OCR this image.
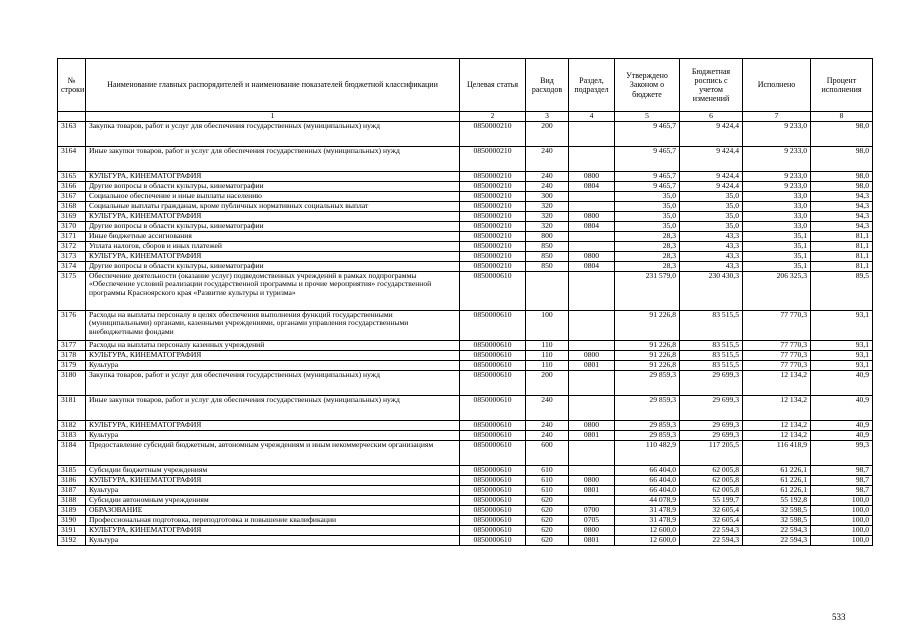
№ строки	Наименование главных распорядителей и наименование показателей бюджетной классификации	Целевая статья	Вид расходов	Раздел, подраздел	Утверждено Законом о бюджете	Бюджетная роспись с учетом изменений	Исполнено	Процент исполнения
	1	2	3	4	5	6	7	8
3163	Закупка товаров, работ и услуг для обеспечения государственных (муниципальных) нужд	0850000210	200		9 465,7	9 424,4	9 233,0	98,0
3164	Иные закупки товаров, работ и услуг для обеспечения государственных (муниципальных) нужд	0850000210	240		9 465,7	9 424,4	9 233,0	98,0
3165	КУЛЬТУРА, КИНЕМАТОГРАФИЯ	0850000210	240	0800	9 465,7	9 424,4	9 233,0	98,0
3166	Другие вопросы в области культуры, кинематографии	0850000210	240	0804	9 465,7	9 424,4	9 233,0	98,0
3167	Социальное обеспечение и иные выплаты населению	0850000210	300		35,0	35,0	33,0	94,3
3168	Социальные выплаты гражданам, кроме публичных нормативных социальных выплат	0850000210	320		35,0	35,0	33,0	94,3
3169	КУЛЬТУРА, КИНЕМАТОГРАФИЯ	0850000210	320	0800	35,0	35,0	33,0	94,3
3170	Другие вопросы в области культуры, кинематографии	0850000210	320	0804	35,0	35,0	33,0	94,3
3171	Иные бюджетные ассигнования	0850000210	800		28,3	43,3	35,1	81,1
3172	Уплата налогов, сборов и иных платежей	0850000210	850		28,3	43,3	35,1	81,1
3173	КУЛЬТУРА, КИНЕМАТОГРАФИЯ	0850000210	850	0800	28,3	43,3	35,1	81,1
3174	Другие вопросы в области культуры, кинематографии	0850000210	850	0804	28,3	43,3	35,1	81,1
3175	Обеспечение деятельности (оказание услуг) подведомственных учреждений в рамках подпрограммы «Обеспечение условий реализации государственной программы и прочие мероприятия» государственной программы Красноярского края «Развитие культуры и туризма»	0850000610			231 579,0	230 430,3	206 325,3	89,5
3176	Расходы на выплаты персоналу в целях обеспечения выполнения функций государственными (муниципальными) органами, казенными учреждениями, органами управления государственными внебюджетными фондами	0850000610	100		91 226,8	83 515,5	77 770,3	93,1
3177	Расходы на выплаты персоналу казенных учреждений	0850000610	110		91 226,8	83 515,5	77 770,3	93,1
3178	КУЛЬТУРА, КИНЕМАТОГРАФИЯ	0850000610	110	0800	91 226,8	83 515,5	77 770,3	93,1
3179	Культура	0850000610	110	0801	91 226,8	83 515,5	77 770,3	93,1
3180	Закупка товаров, работ и услуг для обеспечения государственных (муниципальных) нужд	0850000610	200		29 859,3	29 699,3	12 134,2	40,9
3181	Иные закупки товаров, работ и услуг для обеспечения государственных (муниципальных) нужд	0850000610	240		29 859,3	29 699,3	12 134,2	40,9
3182	КУЛЬТУРА, КИНЕМАТОГРАФИЯ	0850000610	240	0800	29 859,3	29 699,3	12 134,2	40,9
3183	Культура	0850000610	240	0801	29 859,3	29 699,3	12 134,2	40,9
3184	Предоставление субсидий бюджетным, автономным учреждениям и иным некоммерческим организациям	0850000610	600		110 482,9	117 205,5	116 418,9	99,3
3185	Субсидии бюджетным учреждениям	0850000610	610		66 404,0	62 005,8	61 226,1	98,7
3186	КУЛЬТУРА, КИНЕМАТОГРАФИЯ	0850000610	610	0800	66 404,0	62 005,8	61 226,1	98,7
3187	Культура	0850000610	610	0801	66 404,0	62 005,8	61 226,1	98,7
3188	Субсидии автономным учреждениям	0850000610	620		44 078,9	55 199,7	55 192,8	100,0
3189	ОБРАЗОВАНИЕ	0850000610	620	0700	31 478,9	32 605,4	32 598,5	100,0
3190	Профессиональная подготовка, переподготовка и повышение квалификации	0850000610	620	0705	31 478,9	32 605,4	32 598,5	100,0
3191	КУЛЬТУРА, КИНЕМАТОГРАФИЯ	0850000610	620	0800	12 600,0	22 594,3	22 594,3	100,0
3192	Культура	0850000610	620	0801	12 600,0	22 594,3	22 594,3	100,0
533
